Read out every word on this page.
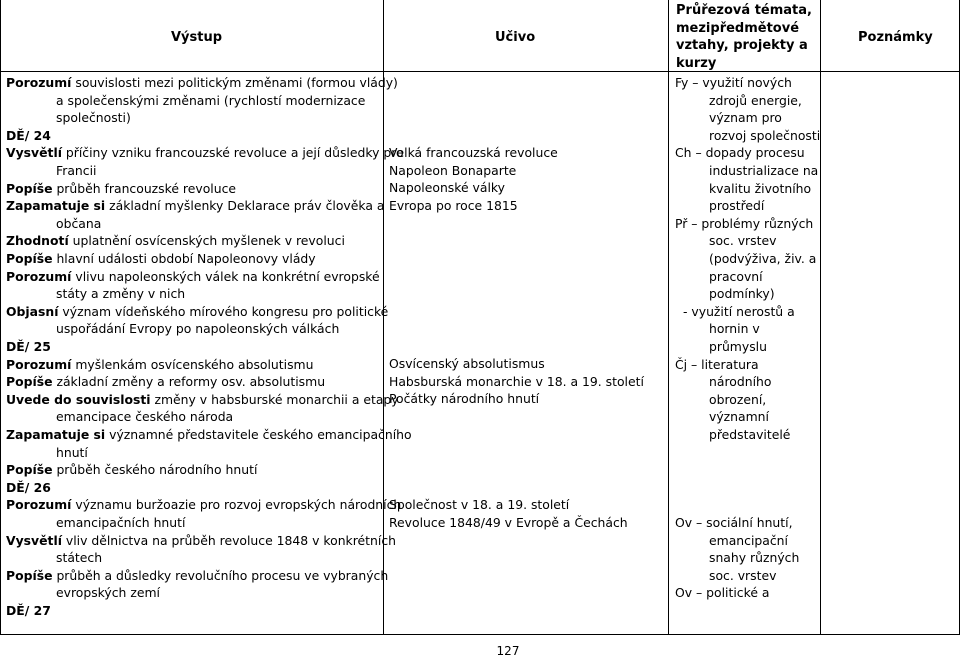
Výstup	Učivo
Průřezová témata,
mezipředmětové
vztahy, projekty a
kurzy
Poznámky
Porozumí souvislosti mezi politickým změnami (formou vlády)
a společenskými změnami (rychlostí modernizace
společnosti)
DĚ/ 24
Vysvětlí příčiny vzniku francouzské revoluce a její důsledky pro
Francii
Popíše průběh francouzské revoluce
Zapamatuje si základní myšlenky Deklarace práv člověka a
občana
Zhodnotí uplatnění osvícenských myšlenek v revoluci
Popíše hlavní události období Napoleonovy vlády
Porozumí vlivu napoleonských válek na konkrétní evropské
státy a změny v nich
Objasní význam vídeňského mírového kongresu pro politické
uspořádání Evropy po napoleonských válkách
DĚ/ 25
Porozumí myšlenkám osvícenského absolutismu
Popíše základní změny a reformy osv. absolutismu
Uvede do souvislosti změny v habsburské monarchii a etapy
emancipace českého národa
Zapamatuje si významné představitele českého emancipačního
hnutí
Popíše průběh českého národního hnutí
DĚ/ 26
Porozumí významu buržoazie pro rozvoj evropských národních
emancipačních hnutí
Vysvětlí vliv dělnictva na průběh revoluce 1848 v konkrétních
státech
Popíše průběh a důsledky revolučního procesu ve vybraných
evropských zemí
DĚ/ 27
Velká francouzská revoluce
Napoleon Bonaparte
Napoleonské války
Evropa po roce 1815
Osvícenský absolutismus
Habsburská monarchie v 18. a 19. století
Počátky národního hnutí
Společnost v 18. a 19. století
Revoluce 1848/49 v Evropě a Čechách
Fy – využití nových
zdrojů energie,
význam pro
rozvoj společnosti
Ch – dopady procesu
industrializace na
kvalitu životního
prostředí
Př – problémy různých
soc. vrstev
(podvýživa, živ. a
pracovní
podmínky)
- využití nerostů a
hornin v
průmyslu
Čj – literatura
národního
obrození,
významní
představitelé
Ov – sociální hnutí,
emancipační
snahy různých
soc. vrstev
Ov – politické a
127
